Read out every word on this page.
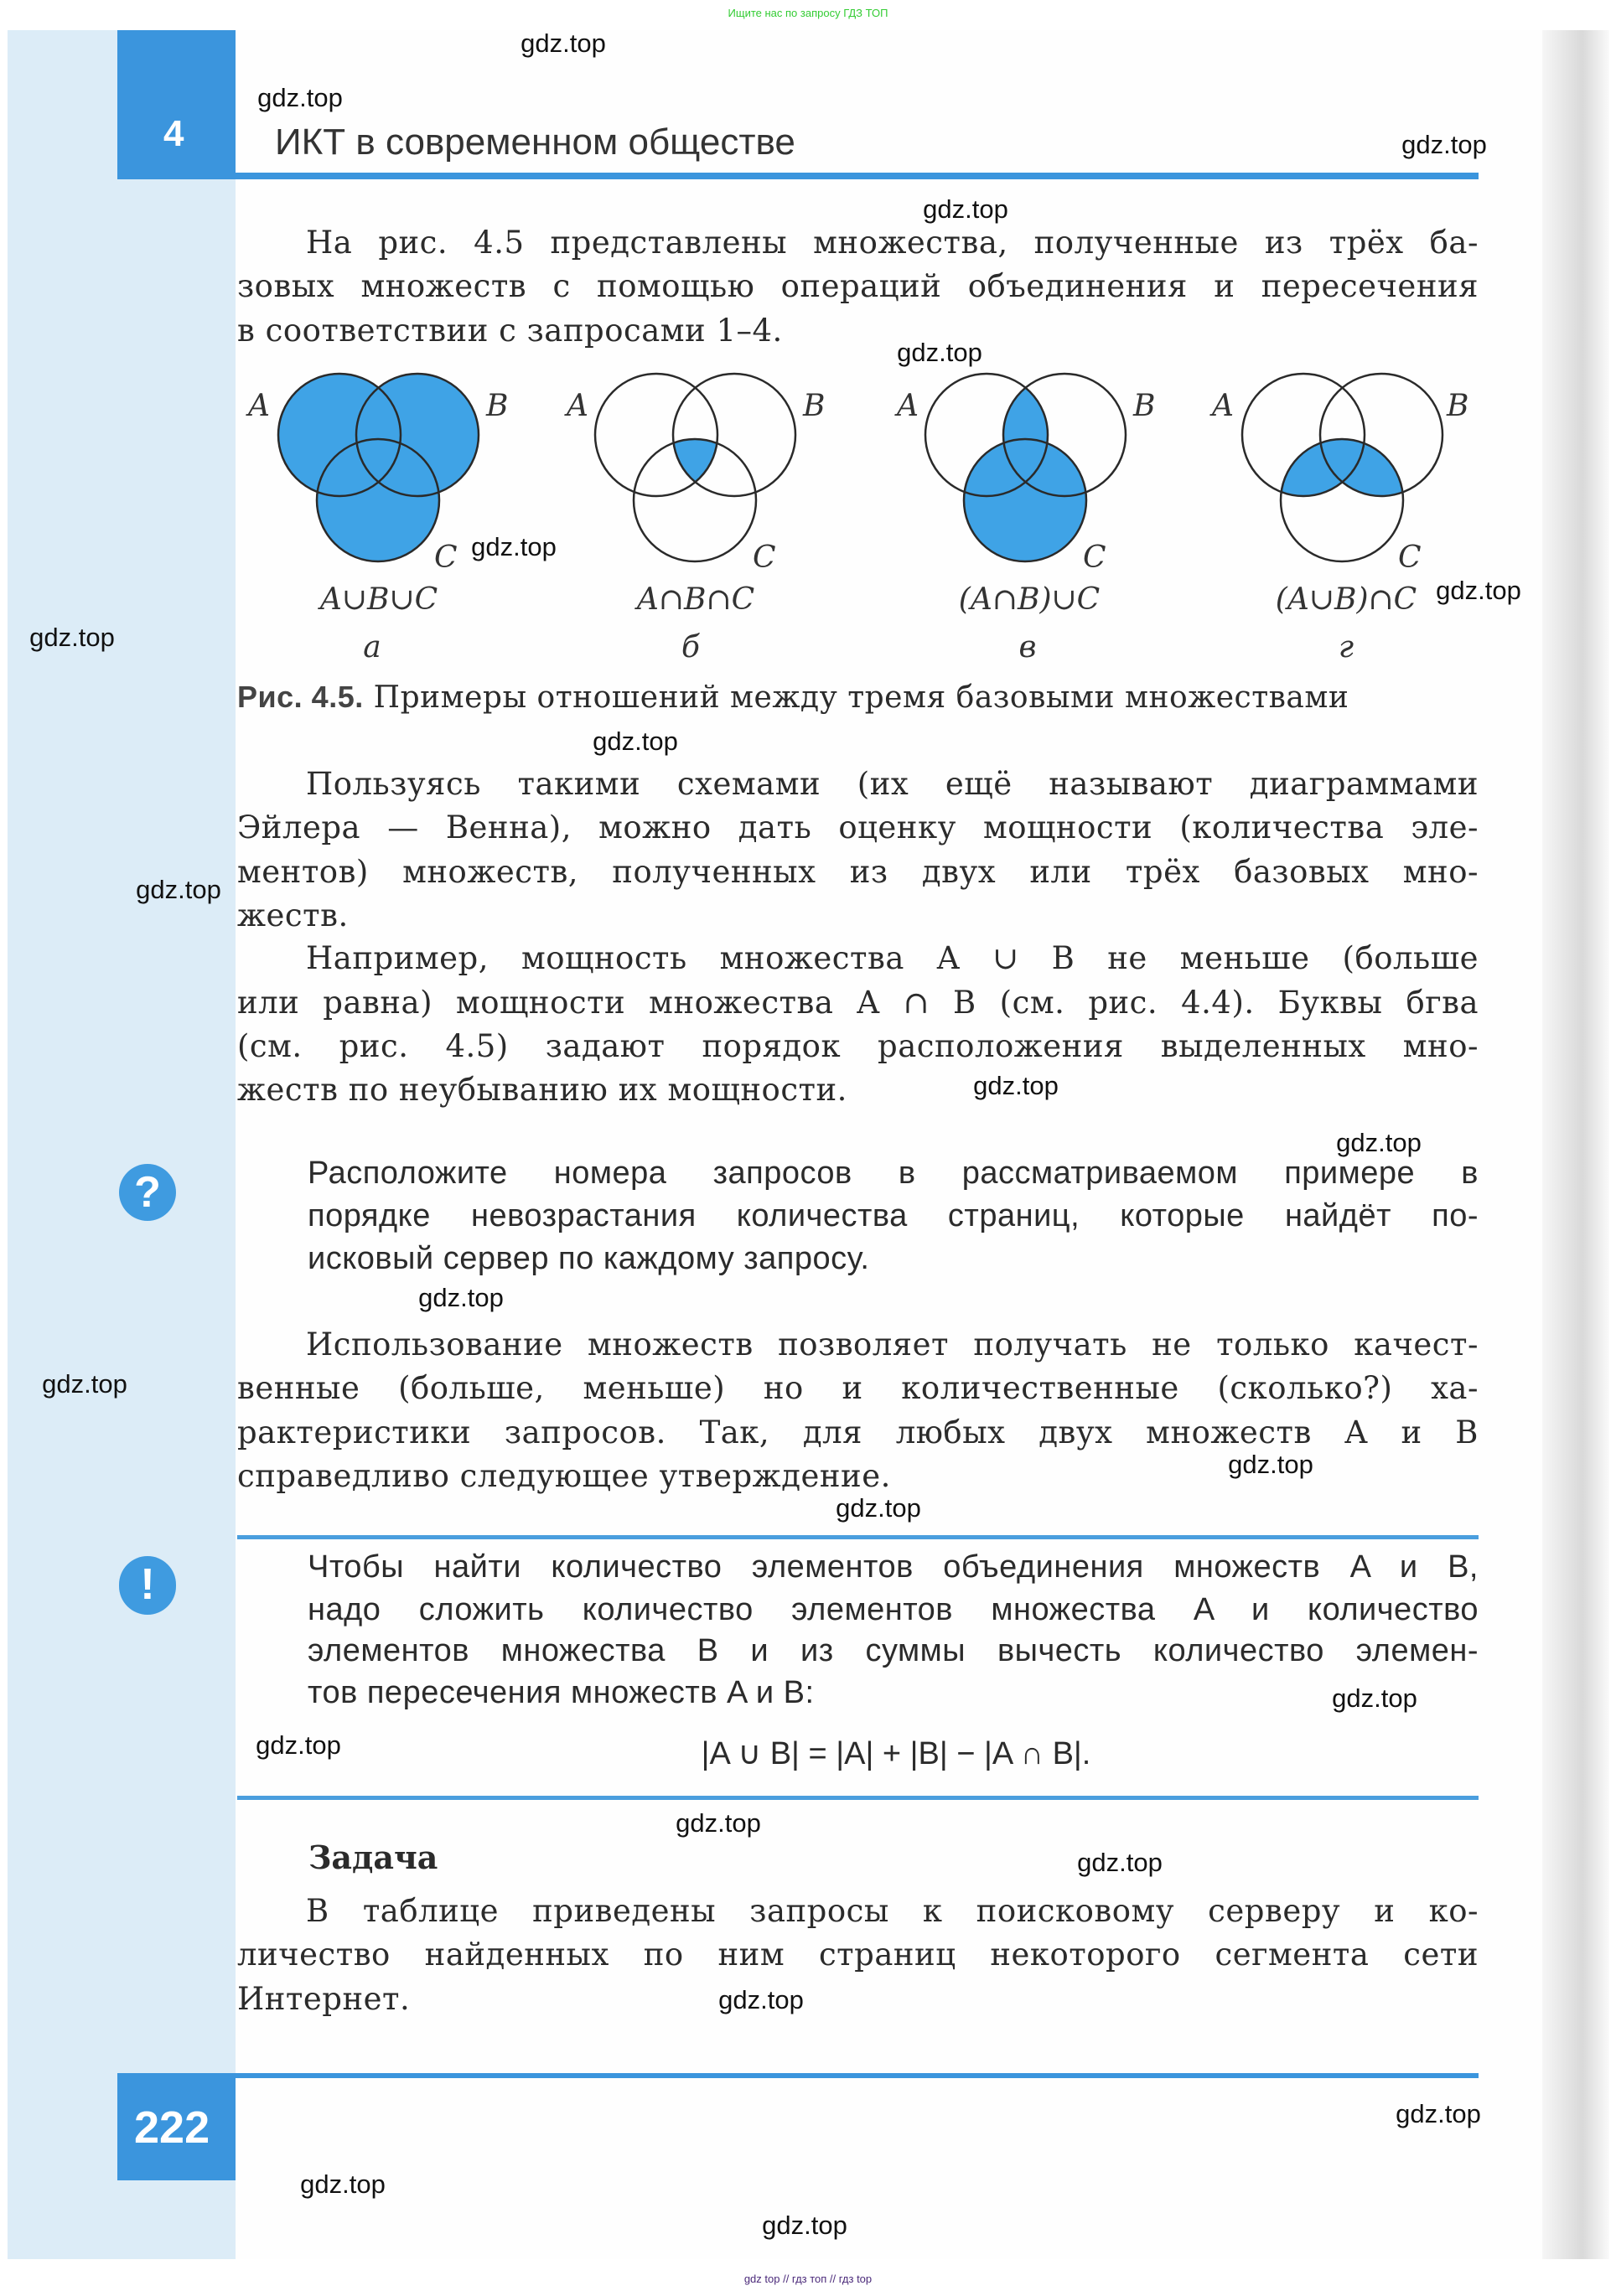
Ищите нас по запросу ГДЗ ТОП
4 ИКТ в современном обществе
На рис. 4.5 представлены множества, полученные из трёх ба-
зовых множеств с помощью операций объединения и пересечения
в соответствии с запросами 1–4.
A	B
C
A∪B∪C
а
A	B
C
A∩B∩C
б
A	B
C
(A∩B)∪C
в
A	B
C
(A∪B)∩C
г
Рис. 4.5. Примеры отношений между тремя базовыми множествами
Пользуясь такими схемами (их ещё называют диаграммами
Эйлера — Венна), можно дать оценку мощности (количества эле-
ментов) множеств, полученных из двух или трёх базовых мно-
жеств.
Например, мощность множества A ∪ B не меньше (больше
или равна) мощности множества A ∩ B (см. рис. 4.4). Буквы бгва
(см. рис. 4.5) задают порядок расположения выделенных мно-
жеств по неубыванию их мощности.
?	Расположите номера запросов в рассматриваемом примере в
порядке невозрастания количества страниц, которые найдёт по-
исковый сервер по каждому запросу.
Использование множеств позволяет получать не только качест-
венные (больше, меньше) но и количественные (сколько?) ха-
рактеристики запросов. Так, для любых двух множеств A и B
справедливо следующее утверждение.
!	Чтобы найти количество элементов объединения множеств A и B,
надо сложить количество элементов множества A и количество
элементов множества B и из суммы вычесть количество элемен-
тов пересечения множеств A и B:
|A ∪ B| = |A| + |B| − |A ∩ B|.
Задача
В таблице приведены запросы к поисковому серверу и ко-
личество найденных по ним страниц некоторого сегмента сети
Интернет.
222
gdz.top
gdz.top
gdz.top
gdz.top
gdz.top
gdz.top
gdz.top
gdz.top
gdz.top
gdz.top
gdz.top
gdz.top
gdz.top
gdz.top
gdz.top
gdz.top
gdz.top
gdz.top
gdz.top
gdz.top
gdz.top
gdz.top
gdz.top
gdz.top
gdz top // гдз топ // гдз top
